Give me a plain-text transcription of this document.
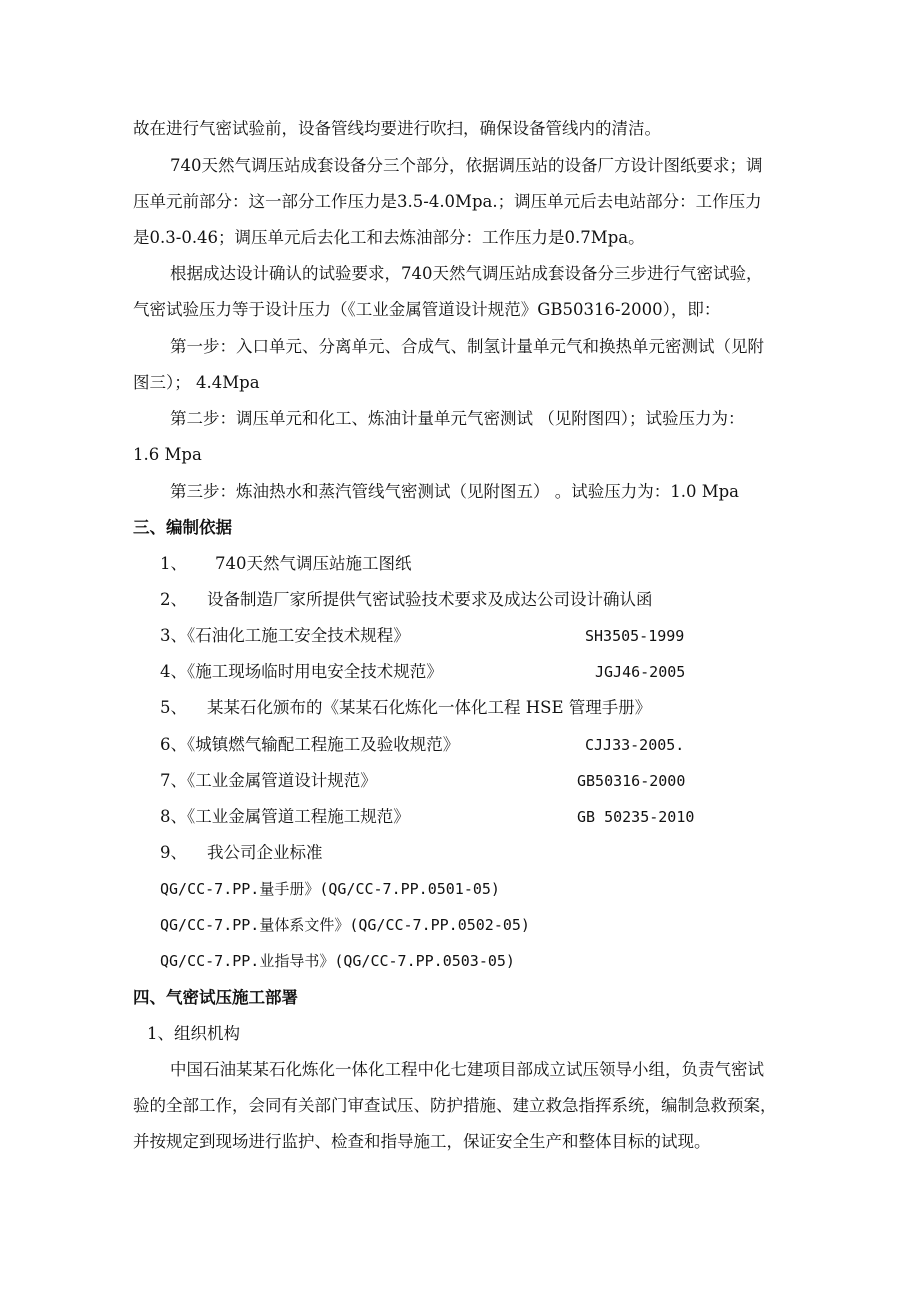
故在进行气密试验前，设备管线均要进行吹扫，确保设备管线内的清洁。

740天然气调压站成套设备分三个部分，依据调压站的设备厂方设计图纸要求；调

压单元前部分：这一部分工作压力是3.5-4.0Mpa.；调压单元后去电站部分：工作压力

是0.3-0.46；调压单元后去化工和去炼油部分：工作压力是0.7Mpa。

根据成达设计确认的试验要求，740天然气调压站成套设备分三步进行气密试验，

气密试验压力等于设计压力（《工业金属管道设计规范》GB50316-2000），即：

第一步：入口单元、分离单元、合成气、制氢计量单元气和换热单元密测试（见附

图三）； 4.4Mpa

第二步：调压单元和化工、炼油计量单元气密测试 （见附图四）；试验压力为：

1.6 Mpa

第三步：炼油热水和蒸汽管线气密测试（见附图五） 。试验压力为：1.0 Mpa

三、编制依据

1、 740天然气调压站施工图纸

2、 设备制造厂家所提供气密试验技术要求及成达公司设计确认函

3、《石油化工施工安全技术规程》	SH3505-1999

4、《施工现场临时用电安全技术规范》	JGJ46-2005

5、 某某石化颁布的《某某石化炼化一体化工程 HSE 管理手册》

6、《城镇燃气输配工程施工及验收规范》	CJJ33-2005.

7、《工业金属管道设计规范》	GB50316-2000

8、《工业金属管道工程施工规范》	GB 50235-2010

9、 我公司企业标准

QG/CC-7.PP.量手册》(QG/CC-7.PP.0501-05)

QG/CC-7.PP.量体系文件》(QG/CC-7.PP.0502-05)

QG/CC-7.PP.业指导书》(QG/CC-7.PP.0503-05)

四、气密试压施工部署

1、组织机构

中国石油某某石化炼化一体化工程中化七建项目部成立试压领导小组，负责气密试

验的全部工作，会同有关部门审查试压、防护措施、建立救急指挥系统，编制急救预案，

并按规定到现场进行监护、检查和指导施工，保证安全生产和整体目标的试现。
